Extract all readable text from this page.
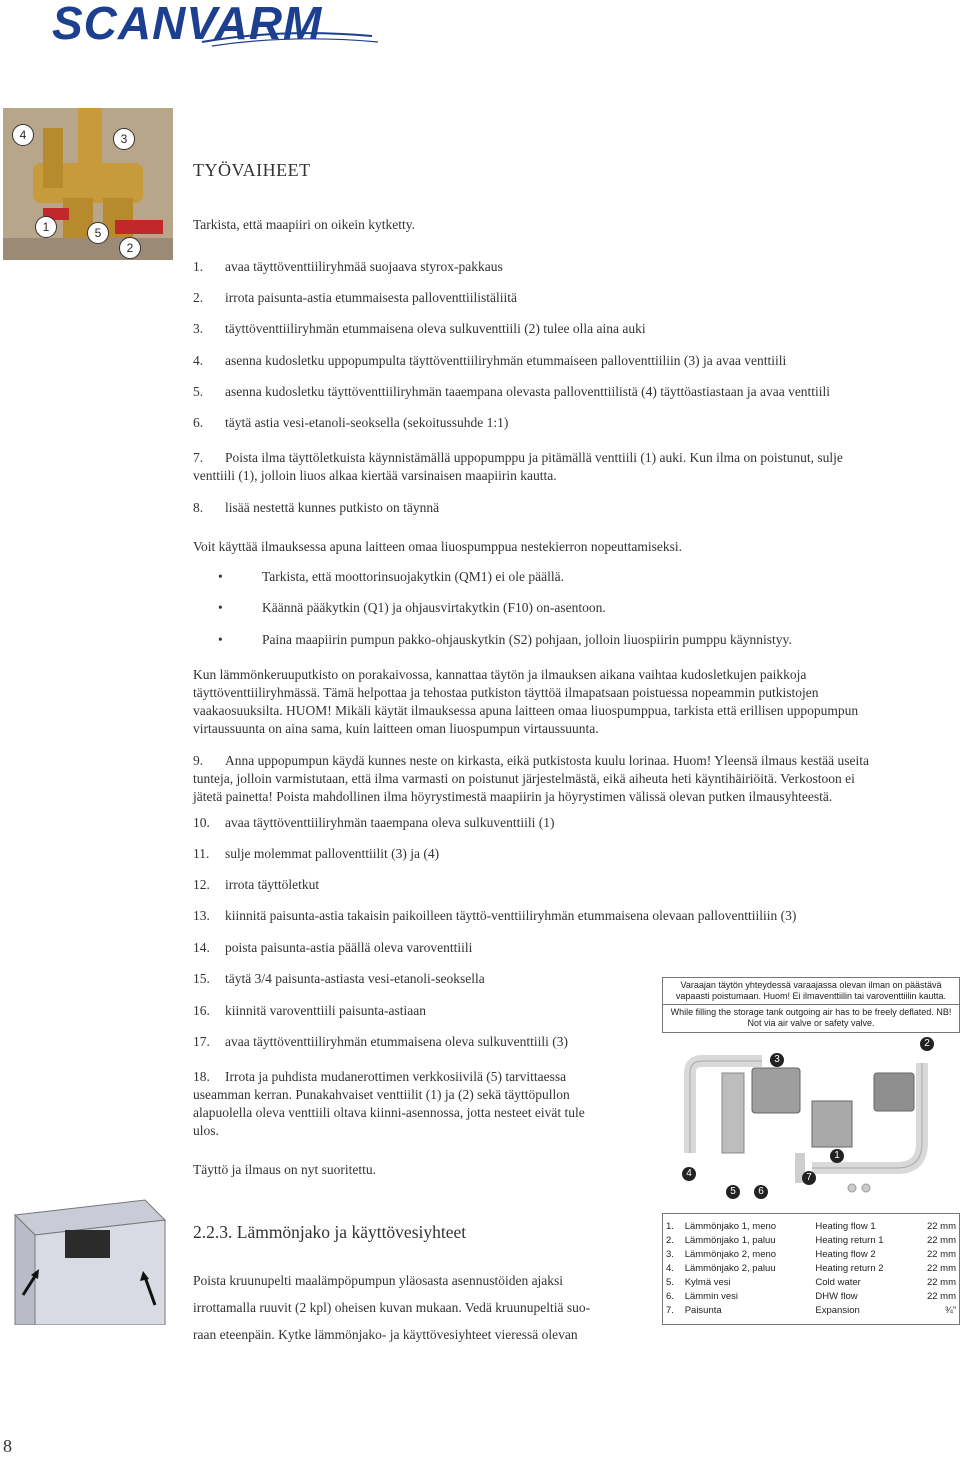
SCANVARM
4	3
1	5
2
TYÖVAIHEET
Tarkista, että maapiiri on oikein kytketty.
1. avaa täyttöventtiiliryhmää suojaava styrox-pakkaus
2. irrota paisunta-astia etummaisesta palloventtiilistäliitä
3. täyttöventtiiliryhmän etummaisena oleva sulkuventtiili (2) tulee olla aina auki
4. asenna kudosletku uppopumpulta täyttöventtiiliryhmän etummaiseen palloventtiiliin (3) ja avaa venttiili
5. asenna kudosletku täyttöventtiiliryhmän taaempana olevasta palloventtiilistä (4) täyttöastiastaan ja avaa venttiili
6. täytä astia vesi-etanoli-seoksella (sekoitussuhde 1:1)
7. Poista ilma täyttöletkuista käynnistämällä uppopumppu ja pitämällä venttiili (1) auki. Kun ilma on poistunut, sulje
venttiili (1), jolloin liuos alkaa kiertää varsinaisen maapiirin kautta.
8. lisää nestettä kunnes putkisto on täynnä
Voit käyttää ilmauksessa apuna laitteen omaa liuospumppua nestekierron nopeuttamiseksi.
• Tarkista, että moottorinsuojakytkin (QM1) ei ole päällä.
• Käännä pääkytkin (Q1) ja ohjausvirtakytkin (F10) on-asentoon.
• Paina maapiirin pumpun pakko-ohjauskytkin (S2) pohjaan, jolloin liuospiirin pumppu käynnistyy.
Kun lämmönkeruuputkisto on porakaivossa, kannattaa täytön ja ilmauksen aikana vaihtaa kudosletkujen paikkoja
täyttöventtiiliryhmässä. Tämä helpottaa ja tehostaa putkiston täyttöä ilmapatsaan poistuessa nopeammin putkistojen
vaakaosuuksilta. HUOM! Mikäli käytät ilmauksessa apuna laitteen omaa liuospumppua, tarkista että erillisen uppopumpun
virtaussuunta on aina sama, kuin laitteen oman liuospumpun virtaussuunta.
9. Anna uppopumpun käydä kunnes neste on kirkasta, eikä putkistosta kuulu lorinaa. Huom! Yleensä ilmaus kestää useita
tunteja, jolloin varmistutaan, että ilma varmasti on poistunut järjestelmästä, eikä aiheuta heti käyntihäiriöitä. Verkostoon ei
jätetä painetta! Poista mahdollinen ilma höyrystimestä maapiirin ja höyrystimen välissä olevan putken ilmausyhteestä.
10. avaa täyttöventtiiliryhmän taaempana oleva sulkuventtiili (1)
11. sulje molemmat palloventtiilit (3) ja (4)
12. irrota täyttöletkut
13. kiinnitä paisunta-astia takaisin paikoilleen täyttö-venttiiliryhmän etummaisena olevaan palloventtiiliin (3)
14. poista paisunta-astia päällä oleva varoventtiili
15. täytä 3/4 paisunta-astiasta vesi-etanoli-seoksella
16. kiinnitä varoventtiili paisunta-astiaan
17. avaa täyttöventtiiliryhmän etummaisena oleva sulkuventtiili (3)
18. Irrota ja puhdista mudanerottimen verkkosiivilä (5) tarvittaessa
useamman kerran. Punakahvaiset venttiilit (1) ja (2) sekä täyttöpullon
alapuolella oleva venttiili oltava kiinni-asennossa, jotta nesteet eivät tule
ulos.
Täyttö ja ilmaus on nyt suoritettu.
Varaajan täytön yhteydessä varaajassa olevan ilman on päästävä vapaasti poistumaan. Huom! Ei ilmaventtiilin tai varoventtiilin kautta.
While filling the storage tank outgoing air has to be freely deflated. NB! Not via air valve or safety valve.
3
2
4
1
7
5	6
1.	Lämmönjako 1, meno	Heating flow 1	22 mm
2.	Lämmönjako 1, paluu	Heating return 1	22 mm
3.	Lämmönjako 2, meno	Heating flow 2	22 mm
4.	Lämmönjako 2, paluu	Heating return 2	22 mm
5.	Kylmä vesi	Cold water	22 mm
6.	Lämmin vesi	DHW flow	22 mm
7.	Paisunta	Expansion	¾”
2.2.3. Lämmönjako ja käyttövesiyhteet
Poista kruunupelti maalämpöpumpun yläosasta asennustöiden ajaksi
irrottamalla ruuvit (2 kpl) oheisen kuvan mukaan. Vedä kruunupeltiä suo-
raan eteenpäin. Kytke lämmönjako- ja käyttövesiyhteet vieressä olevan
8
